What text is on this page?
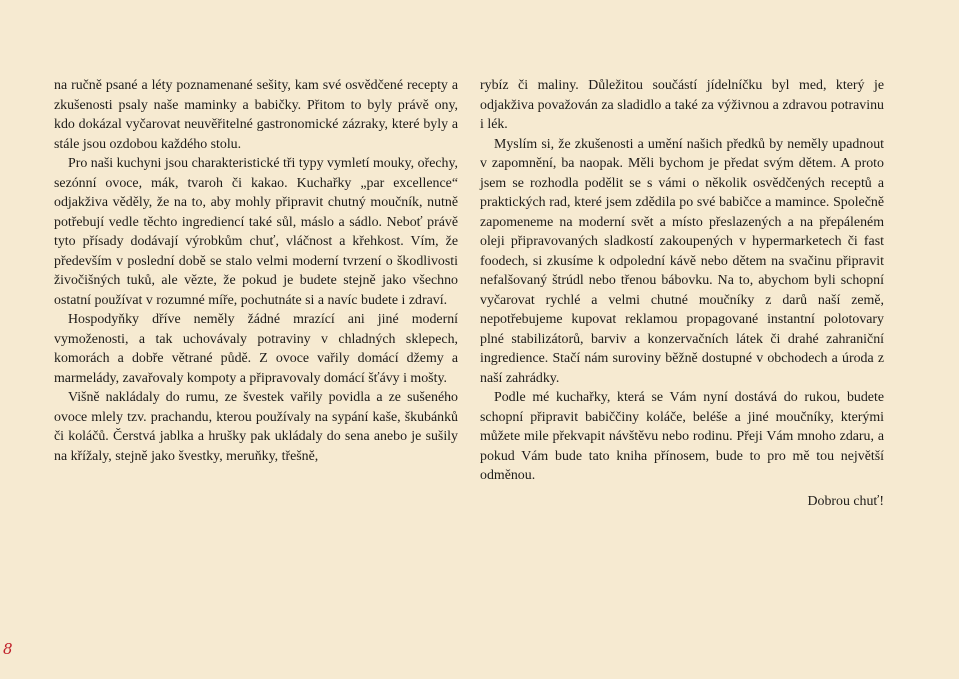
na ručně psané a léty poznamenané sešity, kam své osvědčené recepty a zkušenosti psaly naše maminky a babičky. Přitom to byly právě ony, kdo dokázal vyčarovat neuvěřitelné gastronomické zázraky, které byly a stále jsou ozdobou každého stolu.

Pro naši kuchyni jsou charakteristické tři typy vymletí mouky, ořechy, sezónní ovoce, mák, tvaroh či kakao. Kuchařky „par excellence“ odjakživa věděly, že na to, aby mohly připravit chutný moučník, nutně potřebují vedle těchto ingrediencí také sůl, máslo a sádlo. Neboť právě tyto přísady dodávají výrobkům chuť, vláčnost a křehkost. Vím, že především v poslední době se stalo velmi moderní tvrzení o škodlivosti živočišných tuků, ale vězte, že pokud je budete stejně jako všechno ostatní používat v rozumné míře, pochutnáte si a navíc budete i zdraví.

Hospodyňky dříve neměly žádné mrazící ani jiné moderní vymoženosti, a tak uchovávaly potraviny v chladných sklepech, komorách a dobře větrané půdě. Z ovoce vařily domácí džemy a marmelády, zavařovaly kompoty a připravovaly domácí šťávy i mošty.

Višně nakládaly do rumu, ze švestek vařily povidla a ze sušeného ovoce mlely tzv. prachandu, kterou používaly na sypání kaše, škubánků či koláčů. Čerstvá jablka a hrušky pak ukládaly do sena anebo je sušily na křížaly, stejně jako švestky, meruňky, třešně,

rybíz či maliny. Důležitou součástí jídelníčku byl med, který je odjakživa považován za sladidlo a také za výživnou a zdravou potravinu i lék.

Myslím si, že zkušenosti a umění našich předků by neměly upadnout v zapomnění, ba naopak. Měli bychom je předat svým dětem. A proto jsem se rozhodla podělit se s vámi o několik osvědčených receptů a praktických rad, které jsem zdědila po své babičce a mamince. Společně zapomeneme na moderní svět a místo přeslazených a na přepáleném oleji připravovaných sladkostí zakoupených v hypermarketech či fast foodech, si zkusíme k odpolední kávě nebo dětem na svačinu připravit nefalšovaný štrúdl nebo třenou bábovku. Na to, abychom byli schopní vyčarovat rychlé a velmi chutné moučníky z darů naší země, nepotřebujeme kupovat reklamou propagované instantní polotovary plné stabilizátorů, barviv a konzervačních látek či drahé zahraniční ingredience. Stačí nám suroviny běžně dostupné v obchodech a úroda z naší zahrádky.

Podle mé kuchařky, která se Vám nyní dostává do rukou, budete schopní připravit babiččiny koláče, beléše a jiné moučníky, kterými můžete mile překvapit návštěvu nebo rodinu. Přeji Vám mnoho zdaru, a pokud Vám bude tato kniha přínosem, bude to pro mě tou největší odměnou.

Dobrou chuť!

8
